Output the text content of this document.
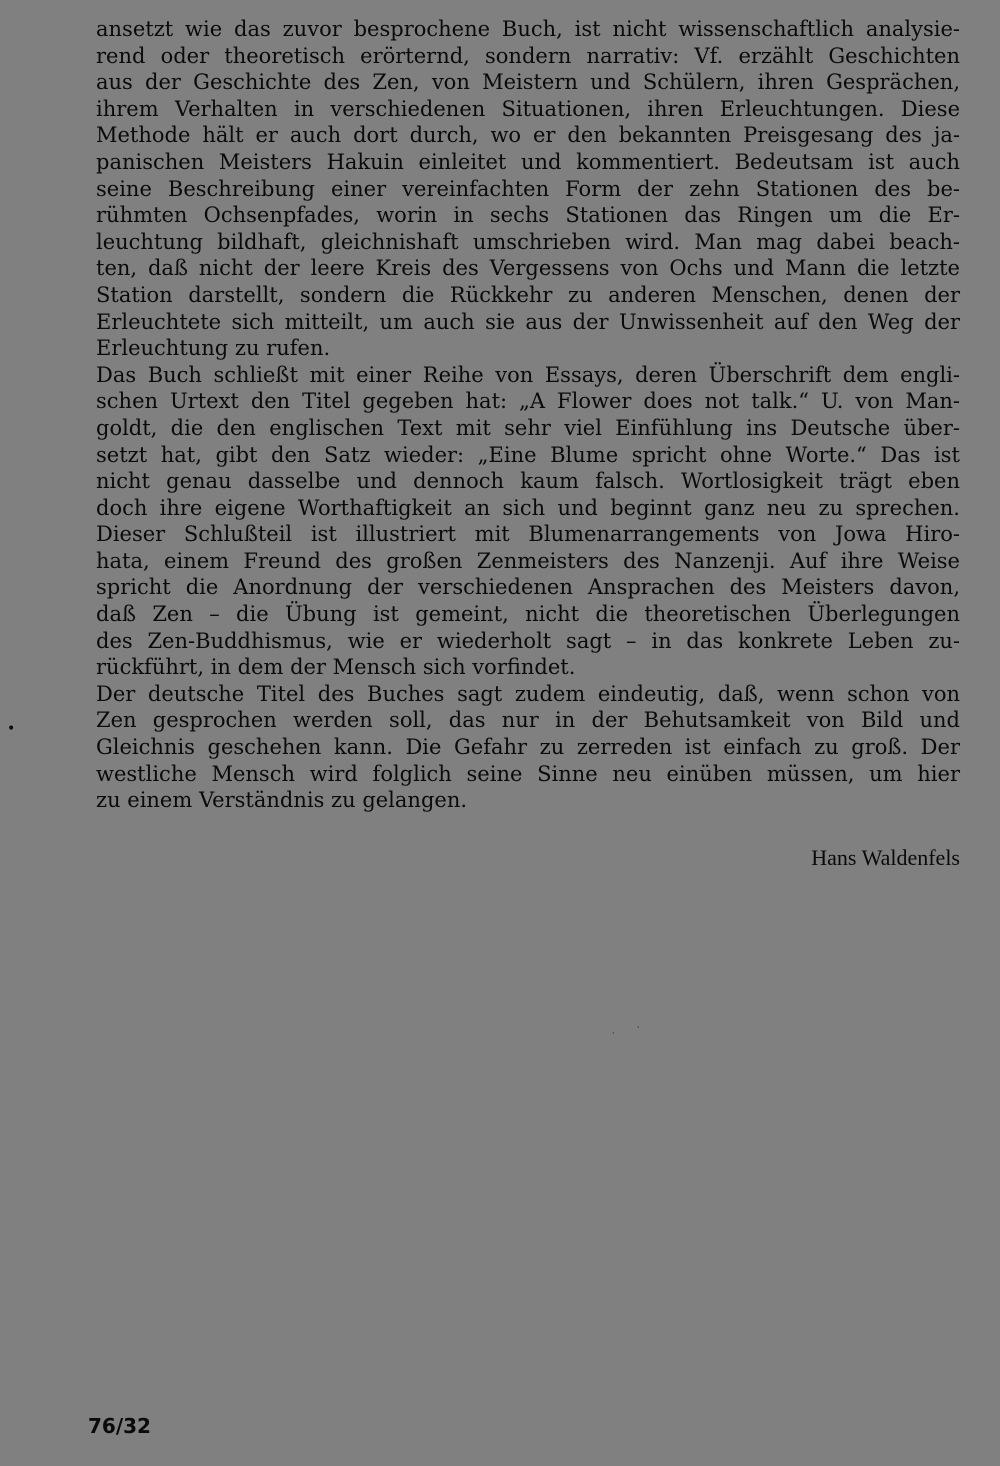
ansetzt wie das zuvor besprochene Buch, ist nicht wissenschaftlich analysie-
rend oder theoretisch erörternd, sondern narrativ: Vf. erzählt Geschichten
aus der Geschichte des Zen, von Meistern und Schülern, ihren Gesprächen,
ihrem Verhalten in verschiedenen Situationen, ihren Erleuchtungen. Diese
Methode hält er auch dort durch, wo er den bekannten Preisgesang des ja-
panischen Meisters Hakuin einleitet und kommentiert. Bedeutsam ist auch
seine Beschreibung einer vereinfachten Form der zehn Stationen des be-
rühmten Ochsenpfades, worin in sechs Stationen das Ringen um die Er-
leuchtung bildhaft, gleichnishaft umschrieben wird. Man mag dabei beach-
ten, daß nicht der leere Kreis des Vergessens von Ochs und Mann die letzte
Station darstellt, sondern die Rückkehr zu anderen Menschen, denen der
Erleuchtete sich mitteilt, um auch sie aus der Unwissenheit auf den Weg der
Erleuchtung zu rufen.
Das Buch schließt mit einer Reihe von Essays, deren Überschrift dem engli-
schen Urtext den Titel gegeben hat: „A Flower does not talk.“ U. von Man-
goldt, die den englischen Text mit sehr viel Einfühlung ins Deutsche über-
setzt hat, gibt den Satz wieder: „Eine Blume spricht ohne Worte.“ Das ist
nicht genau dasselbe und dennoch kaum falsch. Wortlosigkeit trägt eben
doch ihre eigene Worthaftigkeit an sich und beginnt ganz neu zu sprechen.
Dieser Schlußteil ist illustriert mit Blumenarrangements von Jowa Hiro-
hata, einem Freund des großen Zenmeisters des Nanzenji. Auf ihre Weise
spricht die Anordnung der verschiedenen Ansprachen des Meisters davon,
daß Zen – die Übung ist gemeint, nicht die theoretischen Überlegungen
des Zen-Buddhismus, wie er wiederholt sagt – in das konkrete Leben zu-
rückführt, in dem der Mensch sich vorfindet.
Der deutsche Titel des Buches sagt zudem eindeutig, daß, wenn schon von
Zen gesprochen werden soll, das nur in der Behutsamkeit von Bild und
Gleichnis geschehen kann. Die Gefahr zu zerreden ist einfach zu groß. Der
westliche Mensch wird folglich seine Sinne neu einüben müssen, um hier
zu einem Verständnis zu gelangen.
Hans Waldenfels
•
·
·
76/32
